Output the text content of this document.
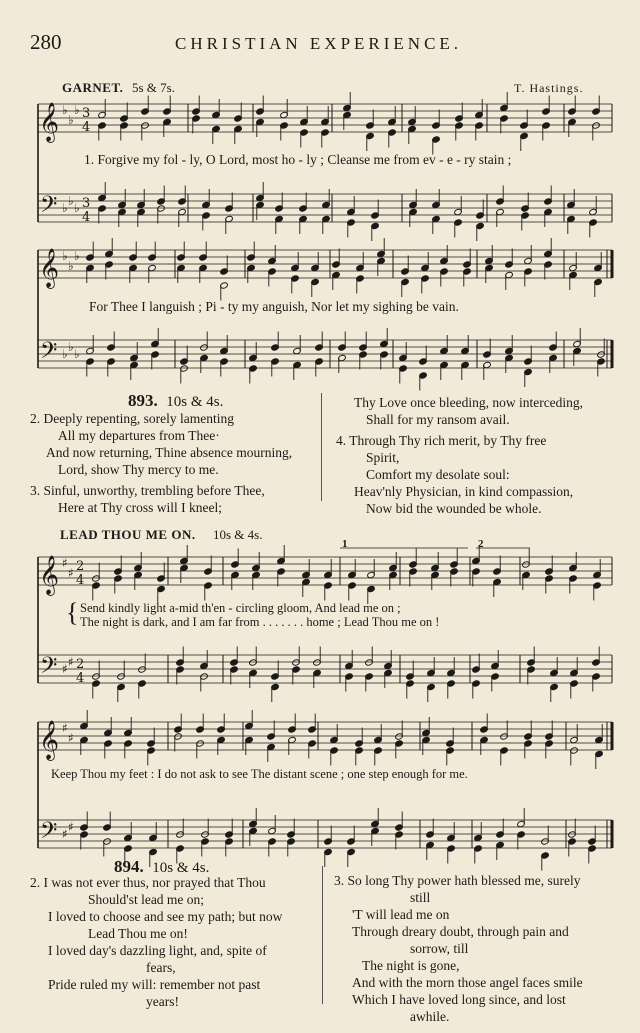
280	CHRISTIAN EXPERIENCE.
GARNET. 5s & 7s.	T. Hastings.
𝄞 ♭
♭
♭ 3
4
𝄢 ♭ ♭ ♭ 3
4
𝄞 ♭
♭
♭
𝄢 ♭ ♭ ♭
𝄞 ♯
♯ 2
4
𝄢 ♯ ♯ 2
4
𝄞 ♯
♯
𝄢 ♯ ♯
1. Forgive my fol - ly, O Lord, most ho - ly ; Cleanse me from ev - e - ry stain ;
For Thee I languish ; Pi - ty my anguish, Nor let my sighing be vain.
893. 10s & 4s.
2. Deeply repenting, sorely lamenting
All my departures from Thee·
And now returning, Thine absence mourning,
Lord, show Thy mercy to me.
3. Sinful, unworthy, trembling before Thee,
Here at Thy cross will I kneel;
Thy Love once bleeding, now interceding,
Shall for my ransom avail.
4. Through Thy rich merit, by Thy free
Spirit,
Comfort my desolate soul:
Heav'nly Physician, in kind compassion,
Now bid the wounded be whole.
LEAD THOU ME ON. 10s & 4s.
1	2
{ Send kindly light a-mid th'en - circling gloom, And lead me on ;
The night is dark, and I am far from . . . . . . . home ; Lead Thou me on !
Keep Thou my feet : I do not ask to see The distant scene ; one step enough for me.
894. 10s & 4s.
2. I was not ever thus, nor prayed that Thou
Should'st lead me on;
I loved to choose and see my path; but now
Lead Thou me on!
I loved day's dazzling light, and, spite of
fears,
Pride ruled my will: remember not past
years!
3. So long Thy power hath blessed me, surely
still
'T will lead me on
Through dreary doubt, through pain and
sorrow, till
The night is gone,
And with the morn those angel faces smile
Which I have loved long since, and lost
awhile.
